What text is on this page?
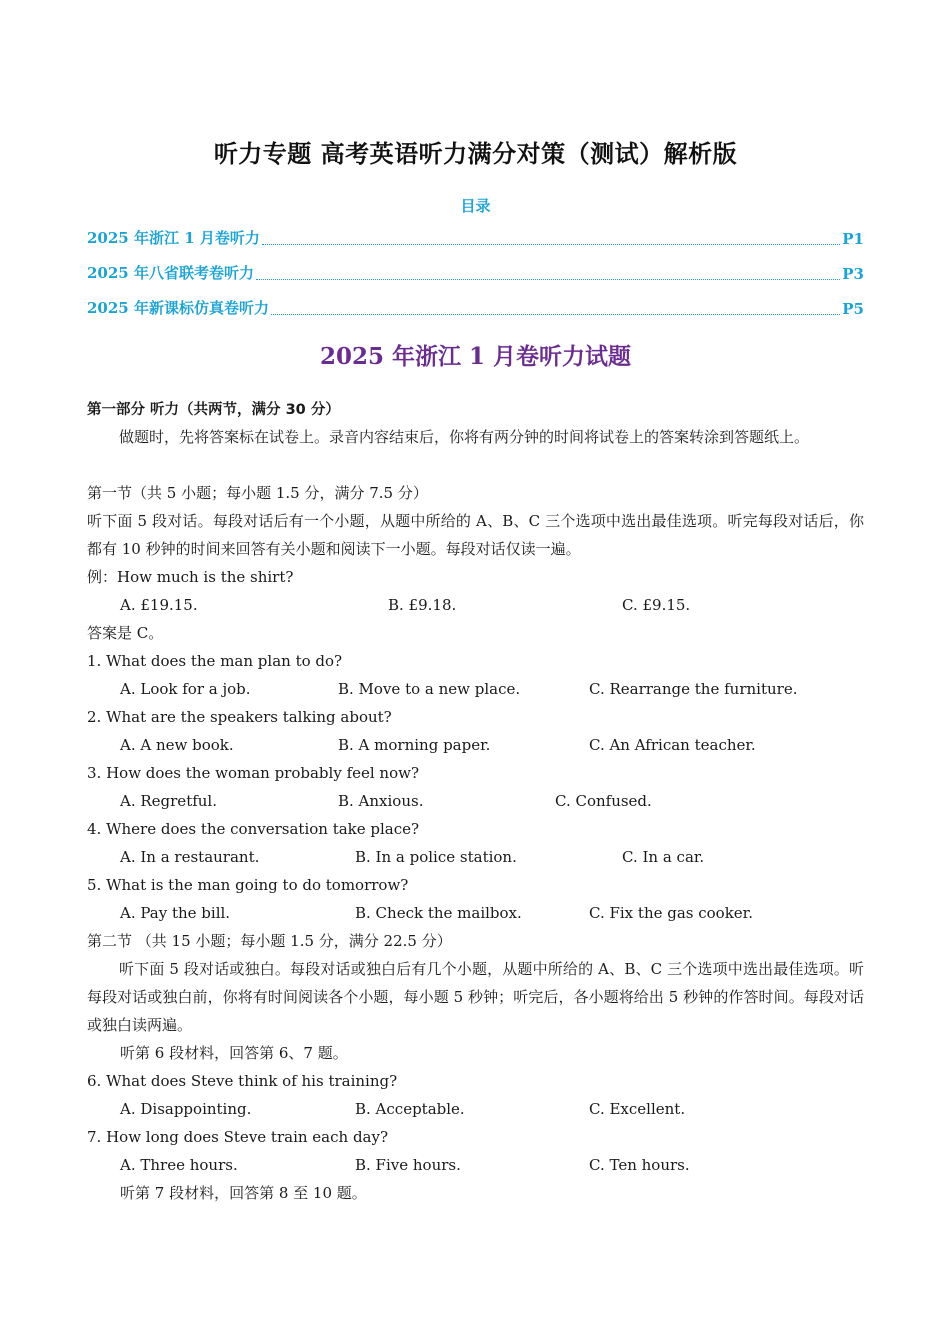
听力专题 高考英语听力满分对策（测试）解析版
目录
2025 年浙江 1 月卷听力	P1
2025 年八省联考卷听力	P3
2025 年新课标仿真卷听力	P5
2025 年浙江 1 月卷听力试题
第一部分 听力（共两节，满分 30 分）
做题时，先将答案标在试卷上。录音内容结束后，你将有两分钟的时间将试卷上的答案转涂到答题纸上。
第一节（共 5 小题；每小题 1.5 分，满分 7.5 分）
听下面 5 段对话。每段对话后有一个小题，从题中所给的 A、B、C 三个选项中选出最佳选项。听完每段对话后，你都有 10 秒钟的时间来回答有关小题和阅读下一小题。每段对话仅读一遍。
例：How much is the shirt?
A. £19.15.	B. £9.18.	C. £9.15.
答案是 C。
1. What does the man plan to do?
A. Look for a job.	B. Move to a new place.	C. Rearrange the furniture.
2. What are the speakers talking about?
A. A new book.	B. A morning paper.	C. An African teacher.
3. How does the woman probably feel now?
A. Regretful.	B. Anxious.	C. Confused.
4. Where does the conversation take place?
A. In a restaurant.	B. In a police station.	C. In a car.
5. What is the man going to do tomorrow?
A. Pay the bill.	B. Check the mailbox.	C. Fix the gas cooker.
第二节 （共 15 小题；每小题 1.5 分，满分 22.5 分）
听下面 5 段对话或独白。每段对话或独白后有几个小题，从题中所给的 A、B、C 三个选项中选出最佳选项。听每段对话或独白前，你将有时间阅读各个小题，每小题 5 秒钟；听完后，各小题将给出 5 秒钟的作答时间。每段对话或独白读两遍。
听第 6 段材料，回答第 6、7 题。
6. What does Steve think of his training?
A. Disappointing.	B. Acceptable.	C. Excellent.
7. How long does Steve train each day?
A. Three hours.	B. Five hours.	C. Ten hours.
听第 7 段材料，回答第 8 至 10 题。
